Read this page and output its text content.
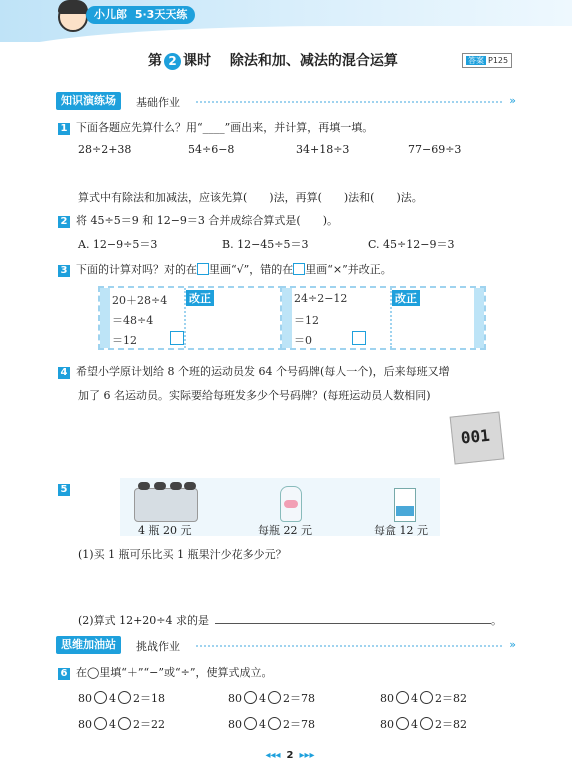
小儿郎 5·3天天练
第 2 课时 除法和加、减法的混合运算	答案 P125
知识演练场	基础作业	»
1 下面各题应先算什么？用“____”画出来，并计算，再填一填。
28÷2+38	54÷6−8	34+18÷3	77−69÷3
算式中有除法和加减法，应该先算(　　)法，再算(　　)法和(　　)法。
2 将 45÷5＝9 和 12−9＝3 合并成综合算式是(　　)。
A. 12−9÷5＝3	B. 12−45÷5＝3	C. 45÷12−9＝3
3 下面的计算对吗？对的在 里画“√”，错的在 里画“×”并改正。
改正
20＋28÷4
＝48÷4
＝12
改正
24÷2−12
＝12
＝0
4 希望小学原计划给 8 个班的运动员发 64 个号码牌(每人一个)，后来每班又增
加了 6 名运动员。实际要给每班发多少个号码牌？(每班运动员人数相同)
001
5
4 瓶 20 元	每瓶 22 元	每盒 12 元
(1)买 1 瓶可乐比买 1 瓶果汁少花多少元？
(2)算式 12+20÷4 求的是	。
思维加油站	挑战作业	»
6 在◯里填“＋”“−”或“÷”，使算式成立。
80 4 2＝18	80 4 2＝78	80 4 2＝82
80 4 2＝22	80 4 2＝78	80 4 2＝82
◂◂◂ 2 ▸▸▸
